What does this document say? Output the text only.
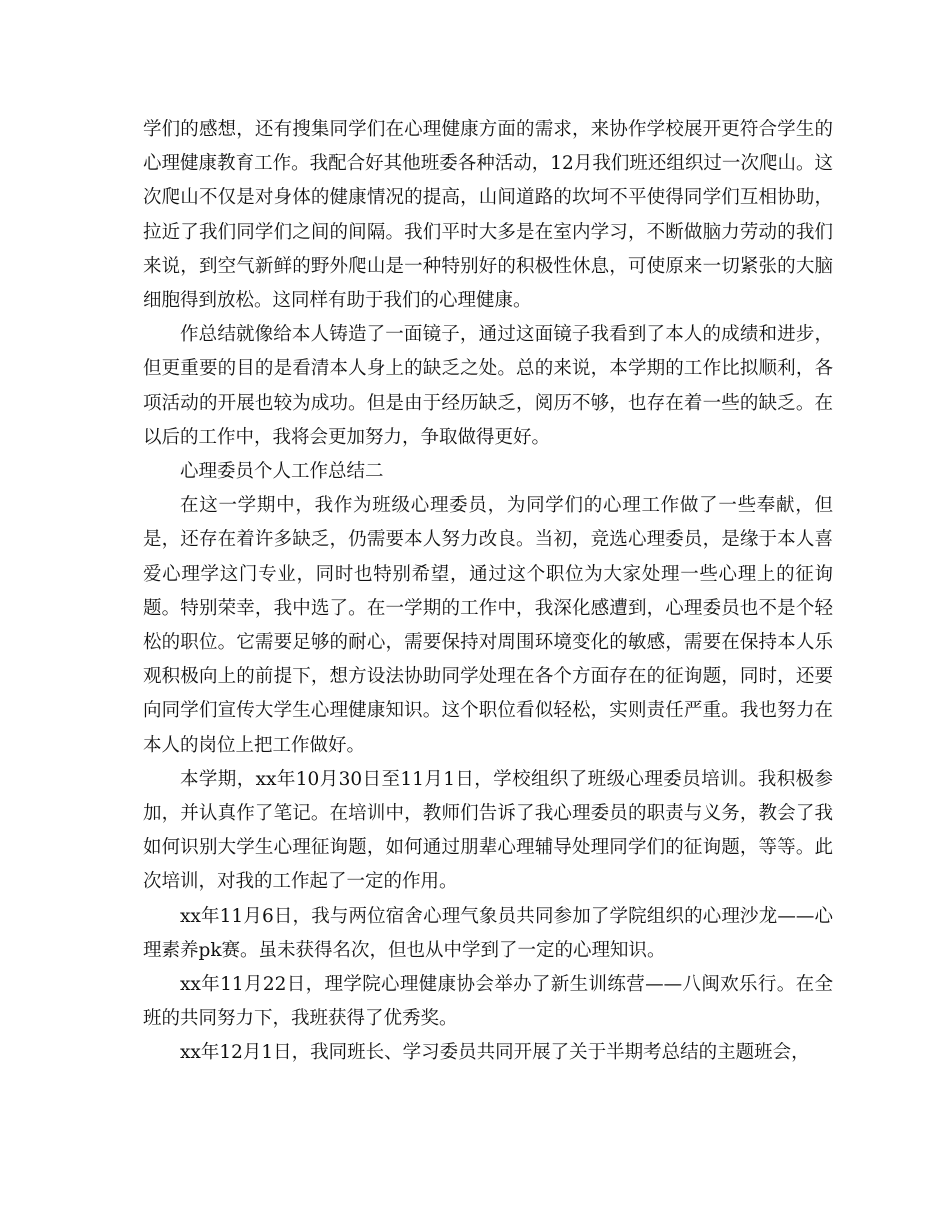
学们的感想，还有搜集同学们在心理健康方面的需求，来协作学校展开更符合学生的心理健康教育工作。我配合好其他班委各种活动，12月我们班还组织过一次爬山。这次爬山不仅是对身体的健康情况的提高，山间道路的坎坷不平使得同学们互相协助，拉近了我们同学们之间的间隔。我们平时大多是在室内学习，不断做脑力劳动的我们来说，到空气新鲜的野外爬山是一种特别好的积极性休息，可使原来一切紧张的大脑细胞得到放松。这同样有助于我们的心理健康。

作总结就像给本人铸造了一面镜子，通过这面镜子我看到了本人的成绩和进步，但更重要的目的是看清本人身上的缺乏之处。总的来说，本学期的工作比拟顺利，各项活动的开展也较为成功。但是由于经历缺乏，阅历不够，也存在着一些的缺乏。在以后的工作中，我将会更加努力，争取做得更好。

心理委员个人工作总结二

在这一学期中，我作为班级心理委员，为同学们的心理工作做了一些奉献，但是，还存在着许多缺乏，仍需要本人努力改良。当初，竞选心理委员，是缘于本人喜爱心理学这门专业，同时也特别希望，通过这个职位为大家处理一些心理上的征询题。特别荣幸，我中选了。在一学期的工作中，我深化感遭到，心理委员也不是个轻松的职位。它需要足够的耐心，需要保持对周围环境变化的敏感，需要在保持本人乐观积极向上的前提下，想方设法协助同学处理在各个方面存在的征询题，同时，还要向同学们宣传大学生心理健康知识。这个职位看似轻松，实则责任严重。我也努力在本人的岗位上把工作做好。

本学期，xx年10月30日至11月1日，学校组织了班级心理委员培训。我积极参加，并认真作了笔记。在培训中，教师们告诉了我心理委员的职责与义务，教会了我如何识别大学生心理征询题，如何通过朋辈心理辅导处理同学们的征询题，等等。此次培训，对我的工作起了一定的作用。

xx年11月6日，我与两位宿舍心理气象员共同参加了学院组织的心理沙龙——心理素养pk赛。虽未获得名次，但也从中学到了一定的心理知识。

xx年11月22日，理学院心理健康协会举办了新生训练营——八闽欢乐行。在全班的共同努力下，我班获得了优秀奖。

xx年12月1日，我同班长、学习委员共同开展了关于半期考总结的主题班会，
